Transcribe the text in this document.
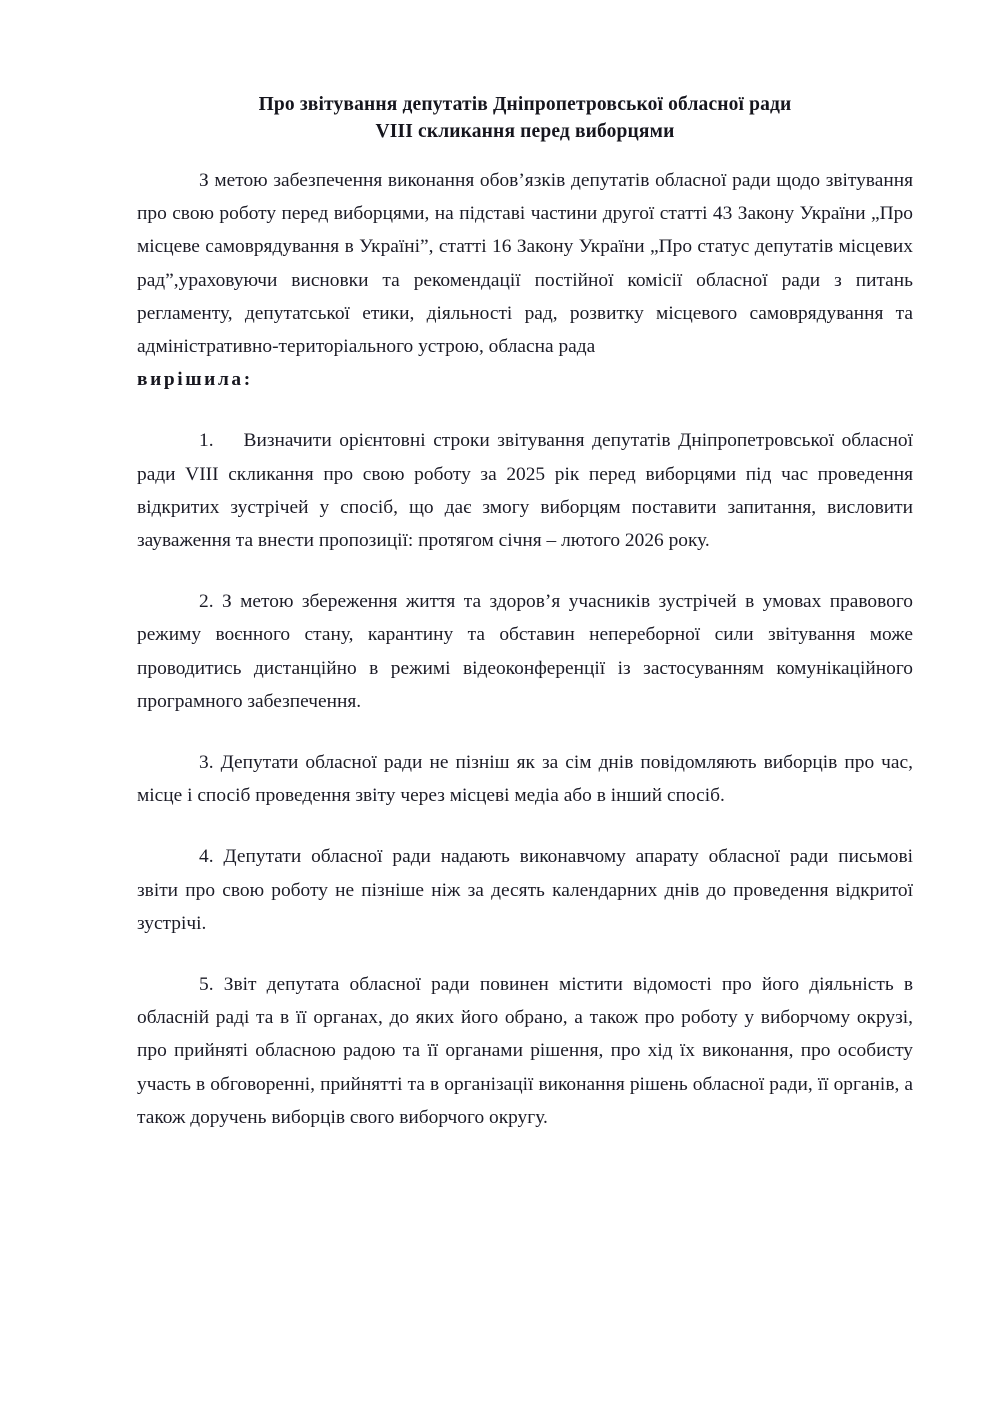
Про звітування депутатів Дніпропетровської обласної ради
VIII скликання перед виборцями

З метою забезпечення виконання обов’язків депутатів обласної ради щодо звітування про свою роботу перед виборцями, на підставі частини другої статті 43 Закону України „Про місцеве самоврядування в Україні”, статті 16 Закону України „Про статус депутатів місцевих рад”,ураховуючи висновки та рекомендації постійної комісії обласної ради з питань регламенту, депутатської етики, діяльності рад, розвитку місцевого самоврядування та адміністративно-територіального устрою, обласна рада

вирішила:

1. Визначити орієнтовні строки звітування депутатів Дніпропетровської обласної ради VIII скликання про свою роботу за 2025 рік перед виборцями під час проведення відкритих зустрічей у спосіб, що дає змогу виборцям поставити запитання, висловити зауваження та внести пропозиції: протягом січня – лютого 2026 року.

2. З метою збереження життя та здоров’я учасників зустрічей в умовах правового режиму воєнного стану, карантину та обставин непереборної сили звітування може проводитись дистанційно в режимі відеоконференції із застосуванням комунікаційного програмного забезпечення.

3. Депутати обласної ради не пізніш як за сім днів повідомляють виборців про час, місце і спосіб проведення звіту через місцеві медіа або в інший спосіб.

4. Депутати обласної ради надають виконавчому апарату обласної ради письмові звіти про свою роботу не пізніше ніж за десять календарних днів до проведення відкритої зустрічі.

5. Звіт депутата обласної ради повинен містити відомості про його діяльність в обласній раді та в її органах, до яких його обрано, а також про роботу у виборчому окрузі, про прийняті обласною радою та її органами рішення, про хід їх виконання, про особисту участь в обговоренні, прийнятті та в організації виконання рішень обласної ради, її органів, а також доручень виборців свого виборчого округу.
